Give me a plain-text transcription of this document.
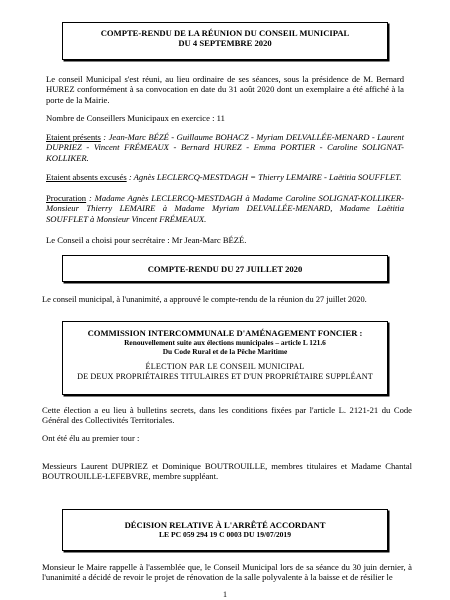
COMPTE-RENDU DE LA RÉUNION DU CONSEIL MUNICIPAL
DU 4 SEPTEMBRE 2020
Le conseil Municipal s'est réuni, au lieu ordinaire de ses séances, sous la présidence de M. Bernard HUREZ conformément à sa convocation en date du 31 août 2020 dont un exemplaire a été affiché à la porte de la Mairie.
Nombre de Conseillers Municipaux en exercice : 11
Etaient présents : Jean-Marc BÉZÉ - Guillaume BOHACZ - Myriam DELVALLÉE-MENARD - Laurent DUPRIEZ - Vincent FRÉMEAUX - Bernard HUREZ - Emma PORTIER - Caroline SOLIGNAT-KOLLIKER.
Etaient absents excusés : Agnès LECLERCQ-MESTDAGH = Thierry LEMAIRE - Laëtitia SOUFFLET.
Procuration : Madame Agnès LECLERCQ-MESTDAGH à Madame Caroline SOLIGNAT-KOLLIKER-Monsieur Thierry LEMAIRE à Madame Myriam DELVALLÉE-MENARD, Madame Laëtitia SOUFFLET à Monsieur Vincent FRÉMEAUX.
Le Conseil a choisi pour secrétaire : Mr Jean-Marc BÉZÉ.
COMPTE-RENDU DU 27 JUILLET 2020
Le conseil municipal, à l'unanimité, a approuvé le compte-rendu de la réunion du 27 juillet 2020.
COMMISSION INTERCOMMUNALE D'AMÉNAGEMENT FONCIER :
Renouvellement suite aux élections municipales – article L 121.6
Du Code Rural et de la Pêche Maritime
ÉLECTION PAR LE CONSEIL MUNICIPAL
DE DEUX PROPRIÉTAIRES TITULAIRES ET D'UN PROPRIÉTAIRE SUPPLÉANT
Cette élection a eu lieu à bulletins secrets, dans les conditions fixées par l'article L. 2121-21 du Code Général des Collectivités Territoriales.
Ont été élu au premier tour :
Messieurs Laurent DUPRIEZ et Dominique BOUTROUILLE, membres titulaires et Madame Chantal BOUTROUILLE-LEFEBVRE, membre suppléant.
DÉCISION RELATIVE À L'ARRÊTÉ ACCORDANT
LE PC 059 294 19 C 0003 DU 19/07/2019
Monsieur le Maire rappelle à l'assemblée que, le Conseil Municipal lors de sa séance du 30 juin dernier, à l'unanimité a décidé de revoir le projet de rénovation de la salle polyvalente à la baisse et de résilier le
1
